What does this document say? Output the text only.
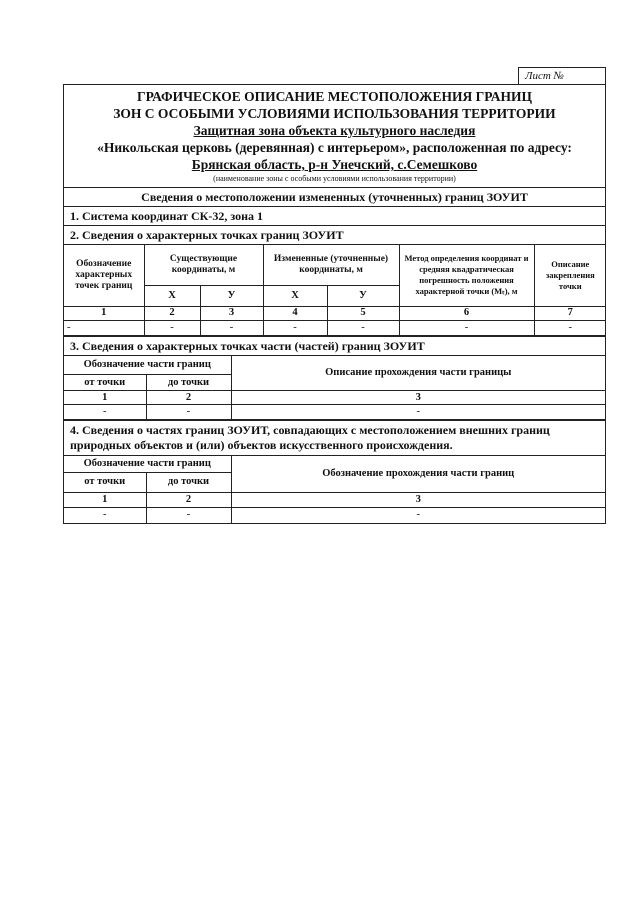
Лист №
ГРАФИЧЕСКОЕ ОПИСАНИЕ МЕСТОПОЛОЖЕНИЯ ГРАНИЦ
ЗОН С ОСОБЫМИ УСЛОВИЯМИ ИСПОЛЬЗОВАНИЯ ТЕРРИТОРИИ
Защитная зона объекта культурного наследия
«Никольская церковь (деревянная) с интерьером», расположенная по адресу:
Брянская область, р-н Унечский, с.Семешково
(наименование зоны с особыми условиями использования территории)
Сведения о местоположении измененных (уточненных) границ ЗОУИТ
1. Система координат СК-32, зона 1
2. Сведения о характерных точках границ ЗОУИТ
Обозначение характерных точек границ	Существующие координаты, м		Измененные (уточненные) координаты, м		Метод определения координат и средняя квадратическая погрешность положения характерной точки (Mₜ), м	Описание закрепления точки
	Х	У	Х	У		
1	2	3	4	5	6	7
-	-	-	-	-	-	-
3. Сведения о характерных точках части (частей) границ ЗОУИТ
Обозначение части границ		Описание прохождения части границы
от точки	до точки	
1	2	3
-	-	-
4. Сведения о частях границ ЗОУИТ, совпадающих с местоположением внешних границ
природных объектов и (или) объектов искусственного происхождения.
Обозначение части границ		Обозначение прохождения части границ
от точки	до точки	
1	2	3
-	-	-
